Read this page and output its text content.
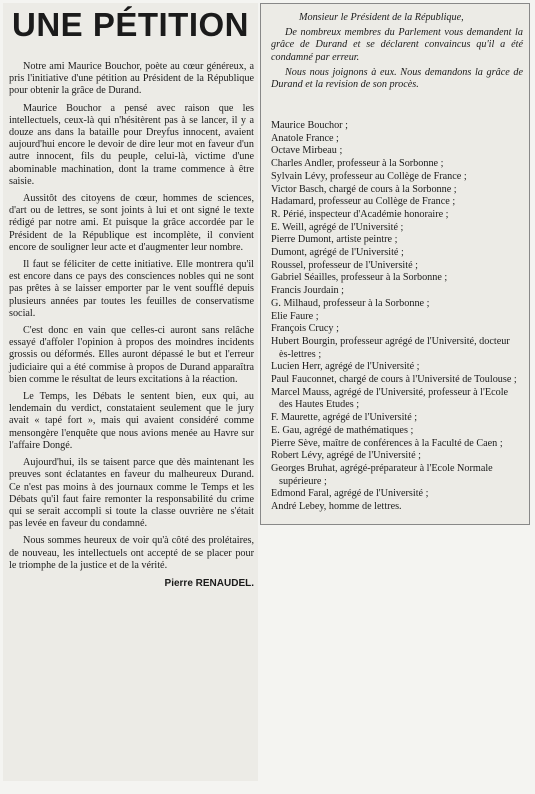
UNE PÉTITION

Notre ami Maurice Bouchor, poète au cœur généreux, a pris l'initiative d'une pétition au Président de la République pour obtenir la grâce de Durand.

Maurice Bouchor a pensé avec raison que les intellectuels, ceux-là qui n'hésitèrent pas à se lancer, il y a douze ans dans la bataille pour Dreyfus innocent, avaient aujourd'hui encore le devoir de dire leur mot en faveur d'un autre innocent, fils du peuple, celui-là, victime d'une abominable machination, dont la trame commence à être saisie.

Aussitôt des citoyens de cœur, hommes de sciences, d'art ou de lettres, se sont joints à lui et ont signé le texte rédigé par notre ami. Et puisque la grâce accordée par le Président de la République est incomplète, il convient encore de souligner leur acte et d'augmenter leur nombre.

Il faut se féliciter de cette initiative. Elle montrera qu'il est encore dans ce pays des consciences nobles qui ne sont pas prêtes à se laisser emporter par le vent soufflé depuis plusieurs années par toutes les feuilles de conservatisme social.

C'est donc en vain que celles-ci auront sans relâche essayé d'affoler l'opinion à propos des moindres incidents grossis ou déformés. Elles auront dépassé le but et l'erreur judiciaire qui a été commise à propos de Durand apparaîtra bien comme le résultat de leurs excitations à la réaction.

Le Temps, les Débats le sentent bien, eux qui, au lendemain du verdict, constataient seulement que le jury avait « tapé fort », mais qui avaient considéré comme mensongère l'enquête que nous avions menée au Havre sur l'affaire Dongé.

Aujourd'hui, ils se taisent parce que dès maintenant les preuves sont éclatantes en faveur du malheureux Durand. Ce n'est pas moins à des journaux comme le Temps et les Débats qu'il faut faire remonter la responsabilité du crime qui se serait accompli si toute la classe ouvrière ne s'était pas levée en faveur du condamné.

Nous sommes heureux de voir qu'à côté des prolétaires, de nouveau, les intellectuels ont accepté de se placer pour le triomphe de la justice et de la vérité.

Pierre RENAUDEL.

Monsieur le Président de la République,

De nombreux membres du Parlement vous demandent la grâce de Durand et se déclarent convaincus qu'il a été condamné par erreur.

Nous nous joignons à eux. Nous demandons la grâce de Durand et la revision de son procès.

Maurice Bouchor ;
Anatole France ;
Octave Mirbeau ;
Charles Andler, professeur à la Sorbonne ;
Sylvain Lévy, professeur au Collège de France ;
Victor Basch, chargé de cours à la Sorbonne ;
Hadamard, professeur au Collège de France ;
R. Périé, inspecteur d'Académie honoraire ;
E. Weill, agrégé de l'Université ;
Pierre Dumont, artiste peintre ;
Dumont, agrégé de l'Université ;
Roussel, professeur de l'Université ;
Gabriel Séailles, professeur à la Sorbonne ;
Francis Jourdain ;
G. Milhaud, professeur à la Sorbonne ;
Elie Faure ;
François Crucy ;
Hubert Bourgin, professeur agrégé de l'Université, docteur ès-lettres ;
Lucien Herr, agrégé de l'Université ;
Paul Fauconnet, chargé de cours à l'Université de Toulouse ;
Marcel Mauss, agrégé de l'Université, professeur à l'Ecole des Hautes Etudes ;
F. Maurette, agrégé de l'Université ;
E. Gau, agrégé de mathématiques ;
Pierre Sève, maître de conférences à la Faculté de Caen ;
Robert Lévy, agrégé de l'Université ;
Georges Bruhat, agrégé-préparateur à l'Ecole Normale supérieure ;
Edmond Faral, agrégé de l'Université ;
André Lebey, homme de lettres.
